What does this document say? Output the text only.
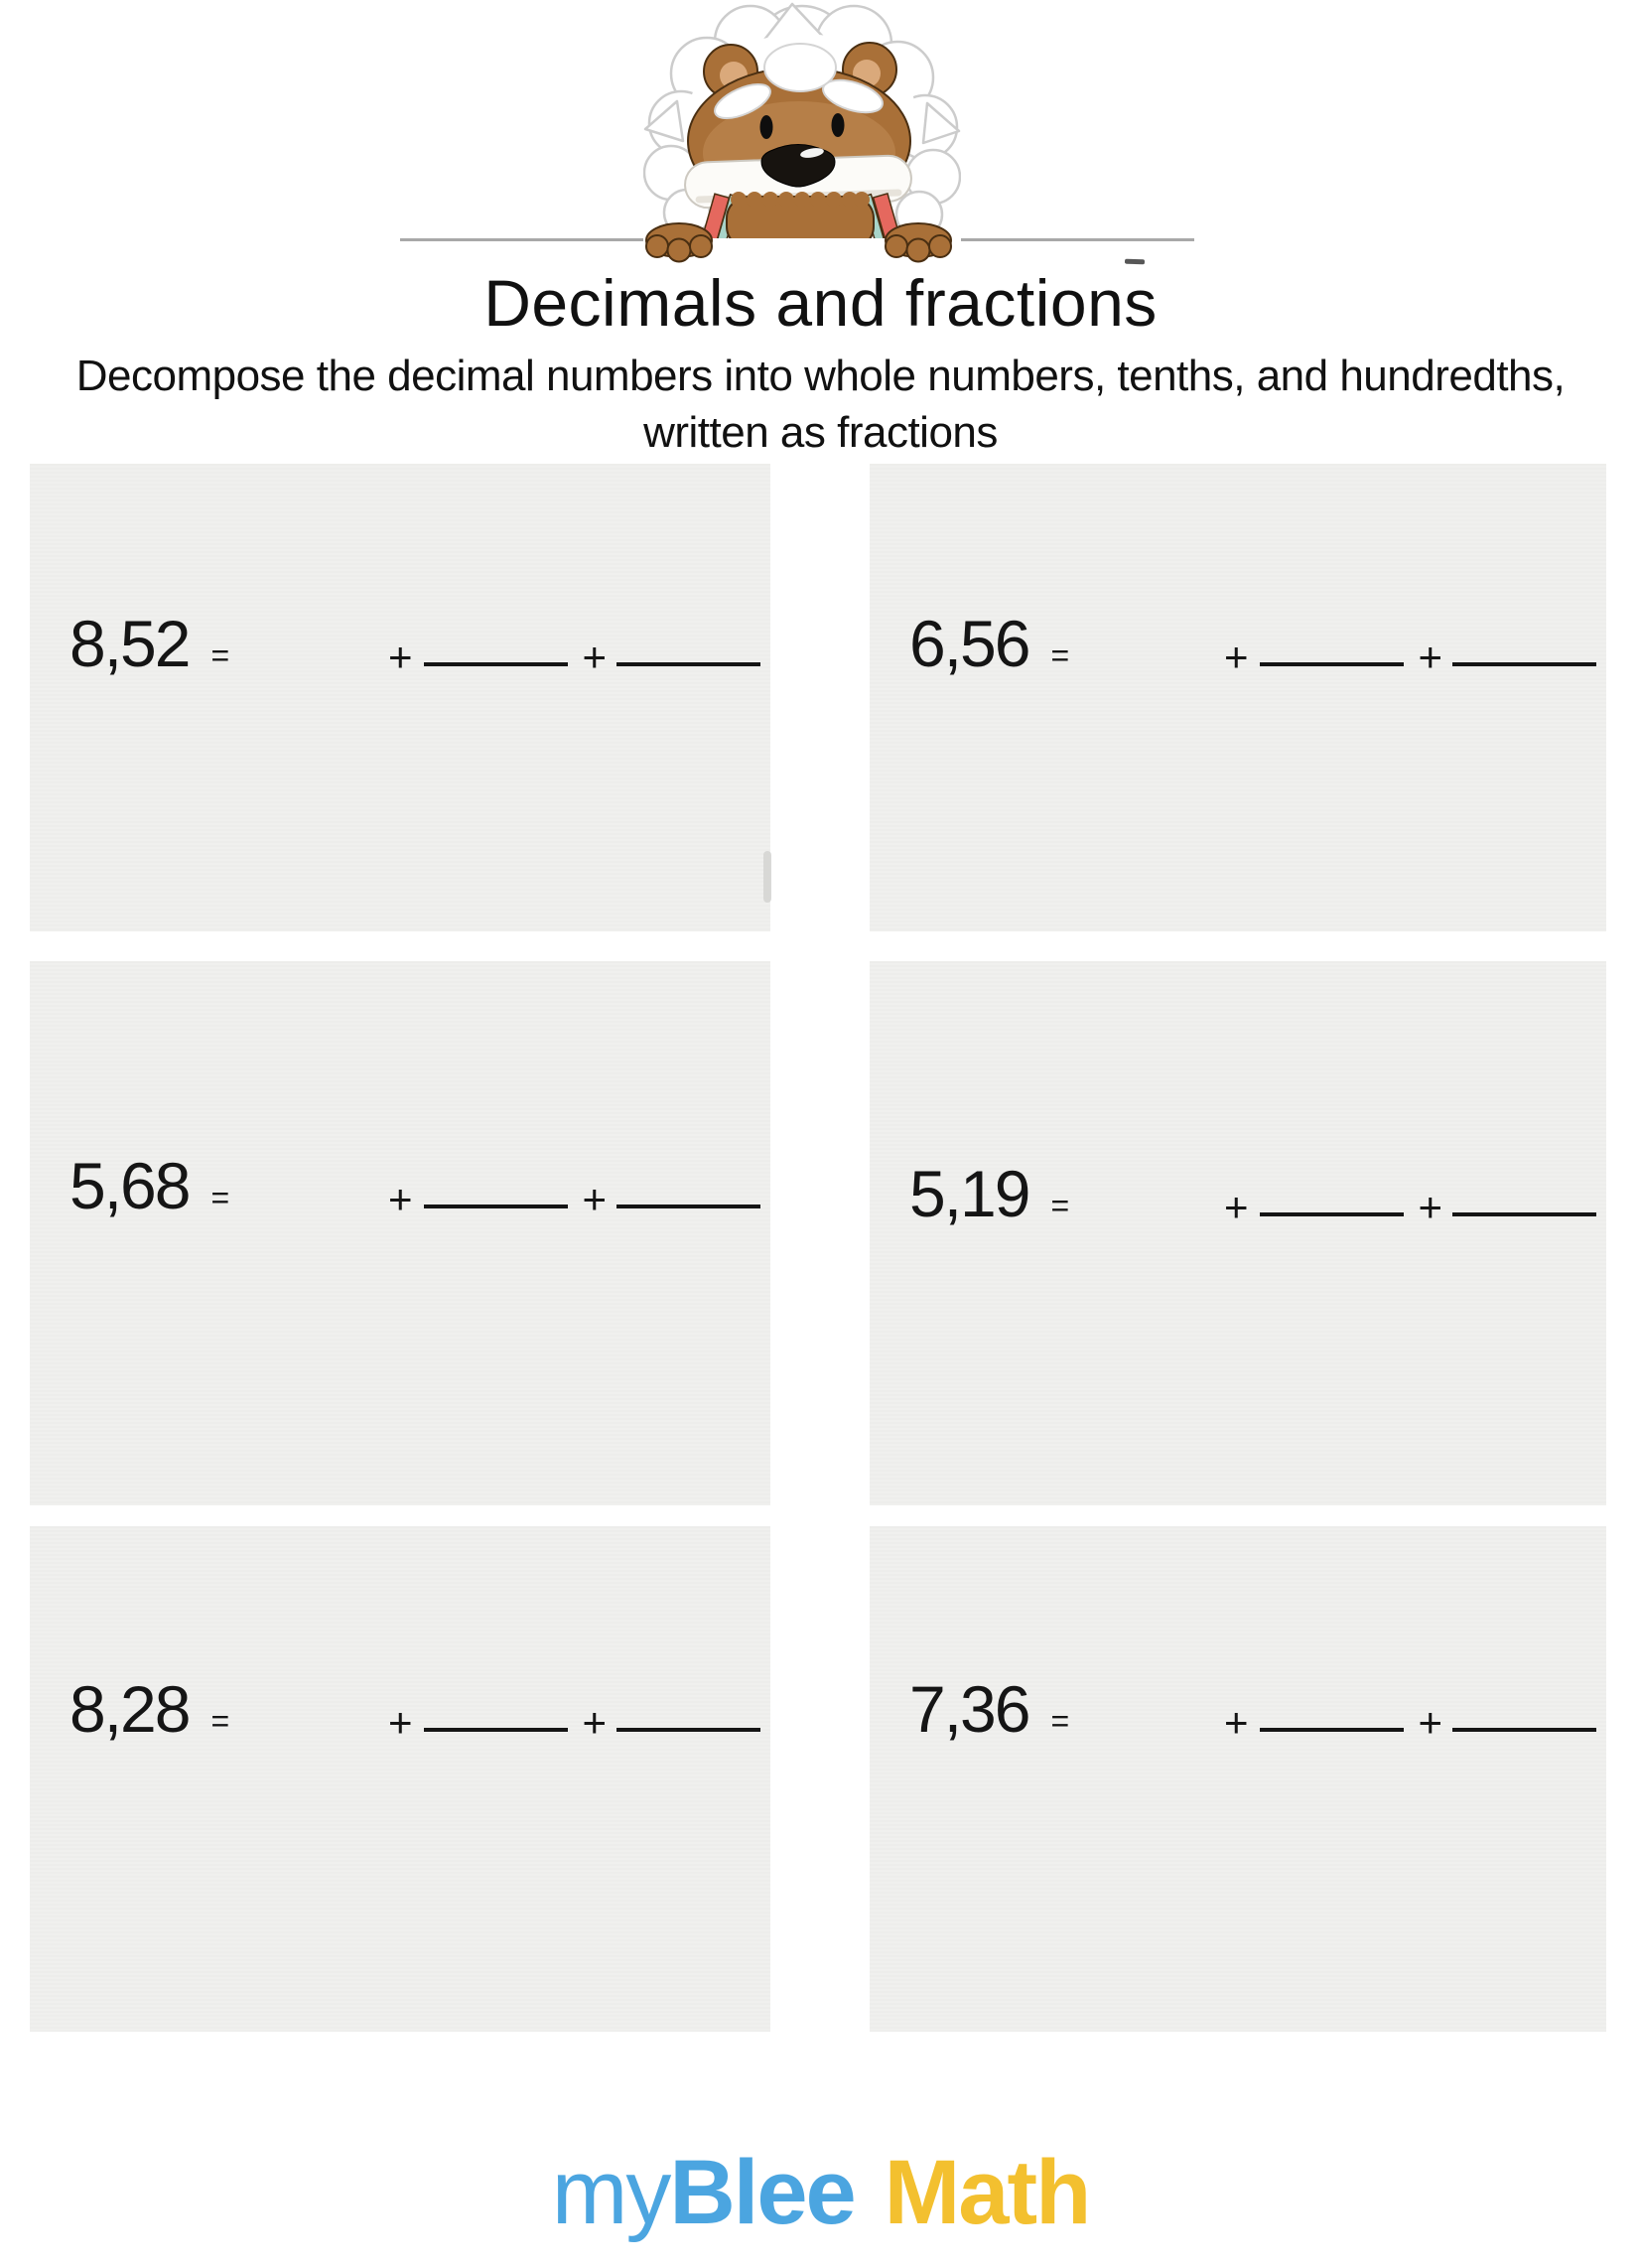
Decimals and fractions
Decompose the decimal numbers into whole numbers, tenths, and hundredths,
written as fractions
8,52 =	+	+	6,56 =	+	+
5,68 =	+	+	5,19 =	+	+
8,28 =	+	+	7,36 =	+	+
myBlee Math
